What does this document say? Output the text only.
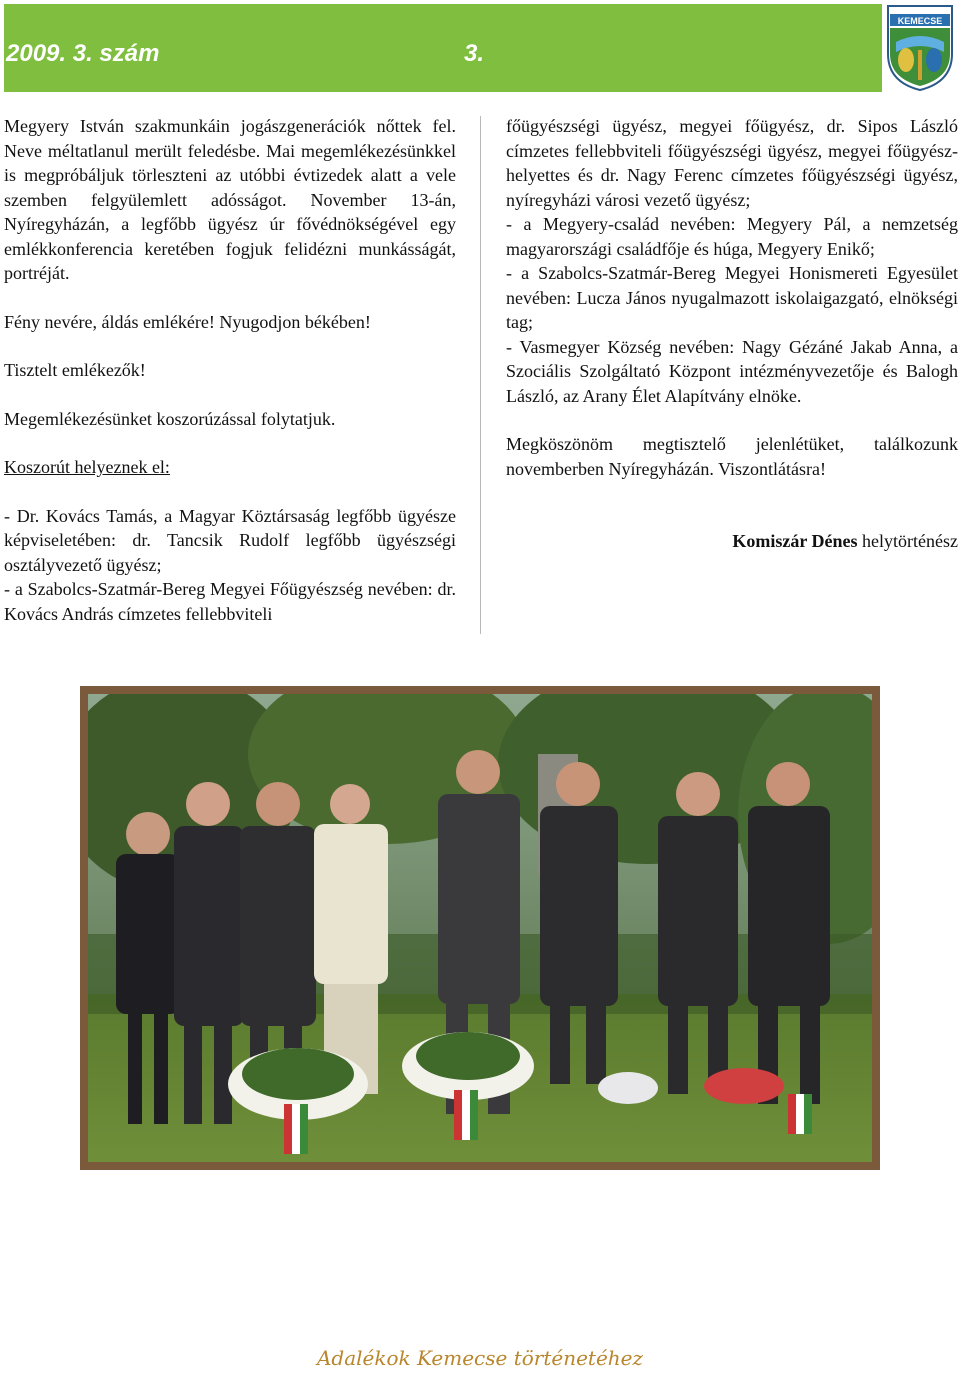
2009. 3. szám	3.
KEMECSE

Megyery István szakmunkáin jogászgenerációk nőttek fel. Neve méltatlanul merült feledésbe. Mai megemlékezésünkkel is megpróbáljuk törleszteni az utóbbi évtizedek alatt a vele szemben felgyülemlett adósságot. November 13-án, Nyíregyházán, a legfőbb ügyész úr fővédnökségével egy emlékkonferencia keretében fogjuk felidézni munkásságát, portréját.

Fény nevére, áldás emlékére! Nyugodjon békében!

Tisztelt emlékezők!

Megemlékezésünket koszorúzással folytatjuk.

Koszorút helyeznek el:

- Dr. Kovács Tamás, a Magyar Köztársaság legfőbb ügyésze képviseletében: dr. Tancsik Rudolf legfőbb ügyészségi osztályvezető ügyész;

- a Szabolcs-Szatmár-Bereg Megyei Főügyészség nevében: dr. Kovács András címzetes fellebbviteli

főügyészségi ügyész, megyei főügyész, dr. Sipos László címzetes fellebbviteli főügyészségi ügyész, megyei főügyész-helyettes és dr. Nagy Ferenc címzetes főügyészségi ügyész, nyíregyházi városi vezető ügyész;

- a Megyery-család nevében: Megyery Pál, a nemzetség magyarországi családfője és húga, Megyery Enikő;

- a Szabolcs-Szatmár-Bereg Megyei Honismereti Egyesület nevében: Lucza János nyugalmazott iskolaigazgató, elnökségi tag;

- Vasmegyer Község nevében: Nagy Gézáné Jakab Anna, a Szociális Szolgáltató Központ intézményvezetője és Balogh László, az Arany Élet Alapítvány elnöke.

Megköszönöm megtisztelő jelenlétüket, találkozunk novemberben Nyíregyházán. Viszontlátásra!

Komiszár Dénes helytörténész

Adalékok Kemecse történetéhez
